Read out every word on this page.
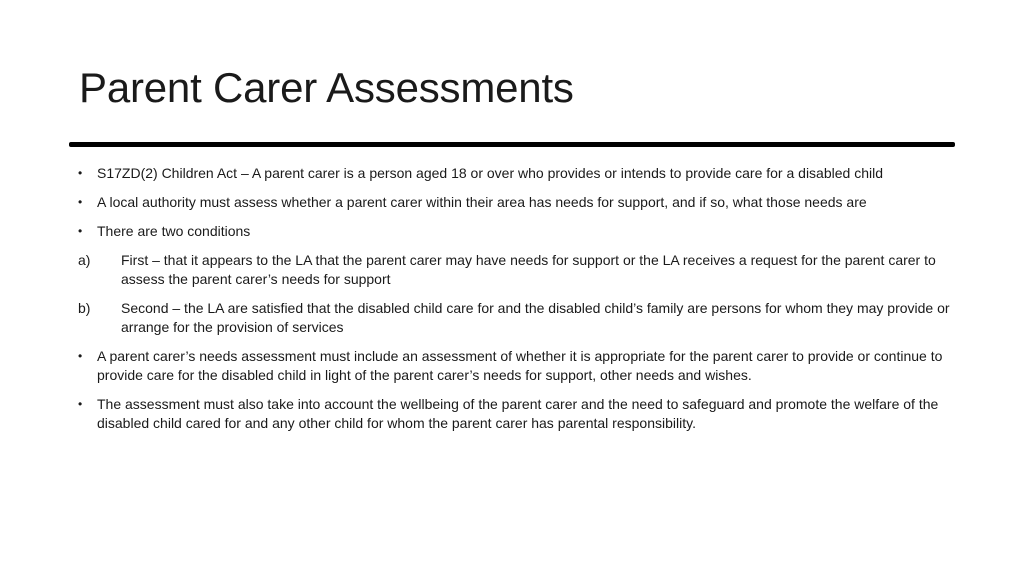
Parent Carer Assessments
•	S17ZD(2) Children Act – A parent carer is a person aged 18 or over who provides or intends to provide care for a disabled child
•	A local authority must assess whether a parent carer within their area has needs for support, and if so, what those needs are
•	There are two conditions
a)	First – that it appears to the LA that the parent carer may have needs for support or the LA receives a request for the parent carer to assess the parent carer’s needs for support
b)	Second – the LA are satisfied that the disabled child care for and the disabled child’s family are persons for whom they may provide or arrange for the provision of services
•	A parent carer’s needs assessment must include an assessment of whether it is appropriate for the parent carer to provide or continue to provide care for the disabled child in light of the parent carer’s needs for support, other needs and wishes.
•	The assessment must also take into account the wellbeing of the parent carer and the need to safeguard and promote the welfare of the disabled child cared for and any other child for whom the parent carer has parental responsibility.
